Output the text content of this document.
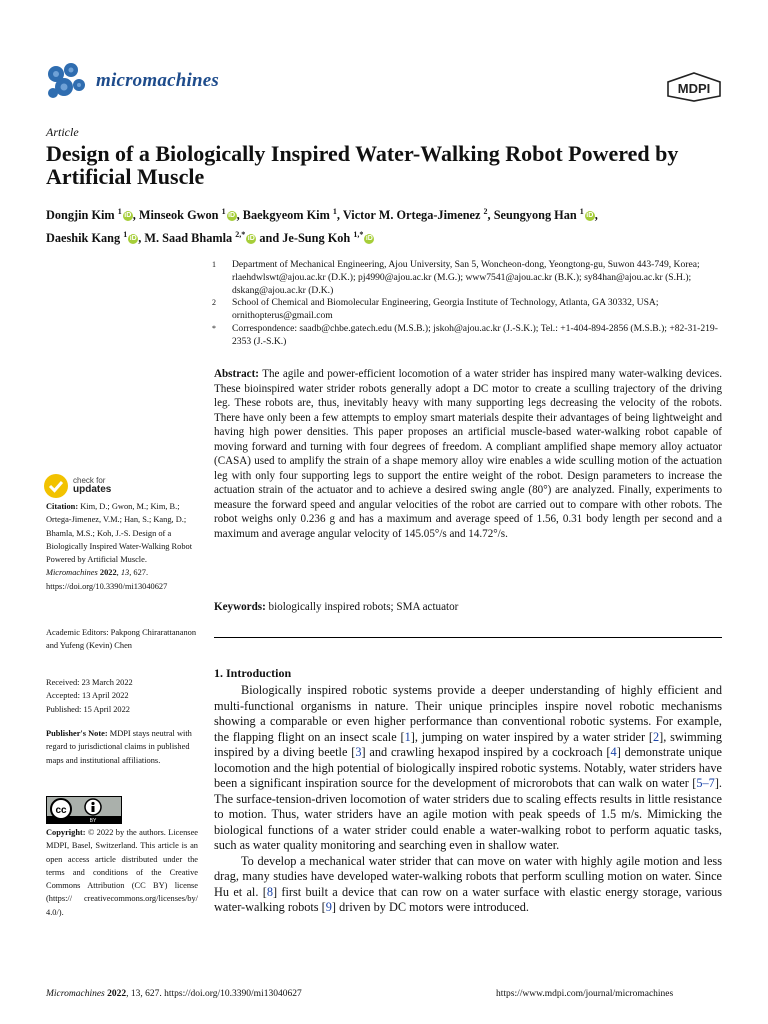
micromachines	MDPI
Article
Design of a Biologically Inspired Water-Walking Robot Powered by Artificial Muscle
Dongjin Kim $^1$ iD , Minseok Gwon $^1$ iD , Baekgyeom Kim $^1$, Victor M. Ortega-Jimenez $^2$, Seungyong Han $^1$ iD ,
Daeshik Kang $^1$ iD , M. Saad Bhamla $^{2,*}$ iD and Je-Sung Koh $^{1,*}$ iD
1	Department of Mechanical Engineering, Ajou University, San 5, Woncheon-dong, Yeongtong-gu, Suwon 443-749, Korea; rlaehdwlswt@ajou.ac.kr (D.K.); pj4990@ajou.ac.kr (M.G.); www7541@ajou.ac.kr (B.K.); sy84han@ajou.ac.kr (S.H.); dskang@ajou.ac.kr (D.K.)
2	School of Chemical and Biomolecular Engineering, Georgia Institute of Technology, Atlanta, GA 30332, USA; ornithopterus@gmail.com
*	Correspondence: saadb@chbe.gatech.edu (M.S.B.); jskoh@ajou.ac.kr (J.-S.K.); Tel.: +1-404-894-2856 (M.S.B.); +82-31-219-2353 (J.-S.K.)
Abstract: The agile and power-efficient locomotion of a water strider has inspired many water-walking devices. These bioinspired water strider robots generally adopt a DC motor to create a sculling trajectory of the driving leg. These robots are, thus, inevitably heavy with many supporting legs decreasing the velocity of the robots. There have only been a few attempts to employ smart materials despite their advantages of being lightweight and having high power densities. This paper proposes an artificial muscle-based water-walking robot capable of moving forward and turning with four degrees of freedom. A compliant amplified shape memory alloy actuator (CASA) used to amplify the strain of a shape memory alloy wire enables a wide sculling motion of the actuation leg with only four supporting legs to support the entire weight of the robot. Design parameters to increase the actuation strain of the actuator and to achieve a desired swing angle (80°) are analyzed. Finally, experiments to measure the forward speed and angular velocities of the robot are carried out to compare with other robots. The robot weighs only 0.236 g and has a maximum and average speed of 1.56, 0.31 body length per second and a maximum and average angular velocity of 145.05°/s and 14.72°/s.
Keywords: biologically inspired robots; SMA actuator
1. Introduction

Biologically inspired robotic systems provide a deeper understanding of highly efficient and multi-functional organisms in nature. Their unique principles inspire novel robotic mechanisms showing a comparable or even higher performance than conventional robotic systems. For example, the flapping flight on an insect scale [1], jumping on water inspired by a water strider [2], swimming inspired by a diving beetle [3] and crawling hexapod inspired by a cockroach [4] demonstrate unique locomotion and the high potential of biologically inspired robotic systems. Notably, water striders have been a significant inspiration source for the development of microrobots that can walk on water [5–7]. The surface-tension-driven locomotion of water striders due to scaling effects results in little resistance to motion. Thus, water striders have an agile motion with peak speeds of 1.5 m/s. Mimicking the biological functions of a water strider could enable a water-walking robot to perform aquatic tasks, such as water quality monitoring and searching even in shallow water.

To develop a mechanical water strider that can move on water with highly agile motion and less drag, many studies have developed water-walking robots that perform sculling motion on water. Since Hu et al. [8] first built a device that can row on a water surface with elastic energy storage, various water-walking robots [9] driven by DC motors were introduced.

check for
updates
Citation: Kim, D.; Gwon, M.; Kim, B.; Ortega-Jimenez, V.M.; Han, S.; Kang, D.; Bhamla, M.S.; Koh, J.-S. Design of a Biologically Inspired Water-Walking Robot Powered by Artificial Muscle. Micromachines 2022, 13, 627. https://doi.org/10.3390/mi13040627
Academic Editors: Pakpong Chirarattananon and Yufeng (Kevin) Chen
Received: 23 March 2022
Accepted: 13 April 2022
Published: 15 April 2022
Publisher's Note: MDPI stays neutral with regard to jurisdictional claims in published maps and institutional affiliations.
cc
BY
Copyright: © 2022 by the authors. Licensee MDPI, Basel, Switzerland. This article is an open access article distributed under the terms and conditions of the Creative Commons Attribution (CC BY) license (https:// creativecommons.org/licenses/by/ 4.0/).
Micromachines 2022, 13, 627. https://doi.org/10.3390/mi13040627	https://www.mdpi.com/journal/micromachines
